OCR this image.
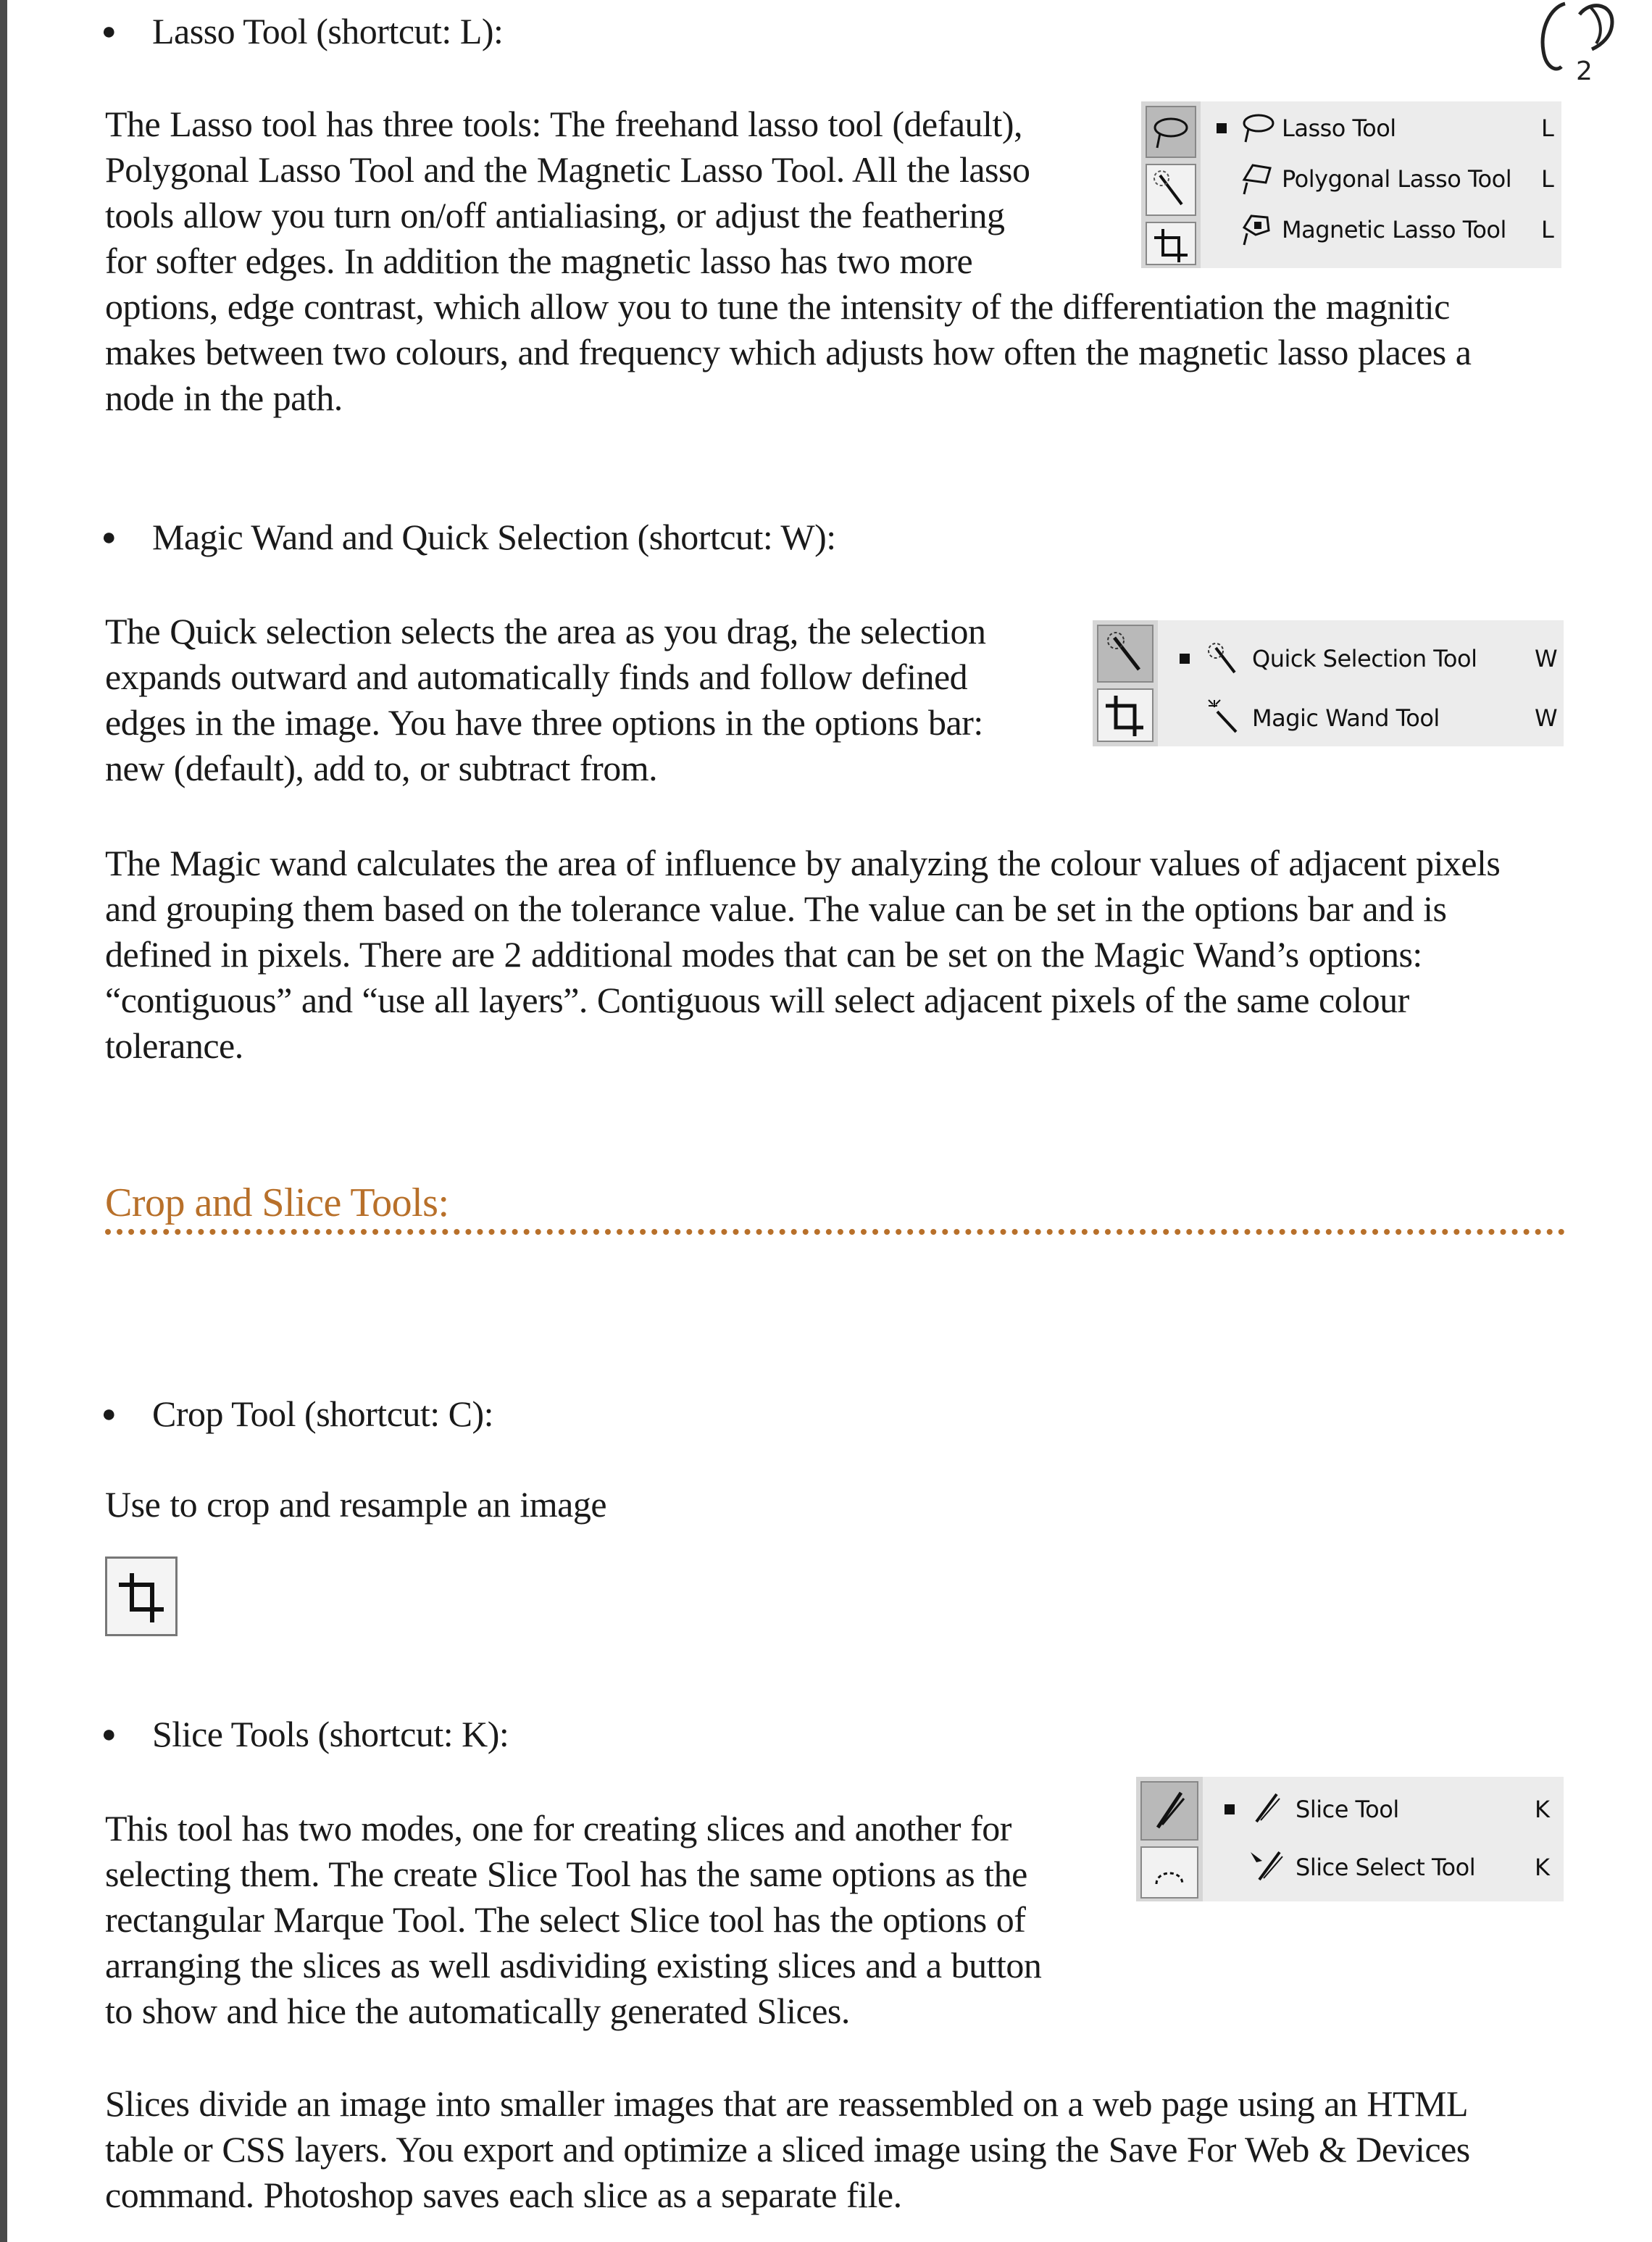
2
● Lasso Tool (shortcut: L):
The Lasso tool has three tools: The freehand lasso tool (default),
Polygonal Lasso Tool and the Magnetic Lasso Tool. All the lasso
tools allow you turn on/off antialiasing, or adjust the feathering
for softer edges. In addition the magnetic lasso has two more
options, edge contrast, which allow you to tune the intensity of the differentiation the magnitic
makes between two colours, and frequency which adjusts how often the magnetic lasso places a
node in the path.
Lasso Tool	L
Polygonal Lasso Tool L
Magnetic Lasso Tool L
● Magic Wand and Quick Selection (shortcut: W):
The Quick selection selects the area as you drag, the selection
expands outward and automatically finds and follow defined
edges in the image. You have three options in the options bar:
new (default), add to, or subtract from.
Quick Selection Tool W
Magic Wand Tool	W
The Magic wand calculates the area of influence by analyzing the colour values of adjacent pixels
and grouping them based on the tolerance value. The value can be set in the options bar and is
defined in pixels. There are 2 additional modes that can be set on the Magic Wand’s options:
“contiguous” and “use all layers”. Contiguous will select adjacent pixels of the same colour
tolerance.
Crop and Slice Tools:
● Crop Tool (shortcut: C):
Use to crop and resample an image
● Slice Tools (shortcut: K):
This tool has two modes, one for creating slices and another for
selecting them. The create Slice Tool has the same options as the
rectangular Marque Tool. The select Slice tool has the options of
arranging the slices as well asdividing existing slices and a button
to show and hice the automatically generated Slices.
Slice Tool	K
Slice Select Tool	K
Slices divide an image into smaller images that are reassembled on a web page using an HTML
table or CSS layers. You export and optimize a sliced image using the Save For Web & Devices
command. Photoshop saves each slice as a separate file.
